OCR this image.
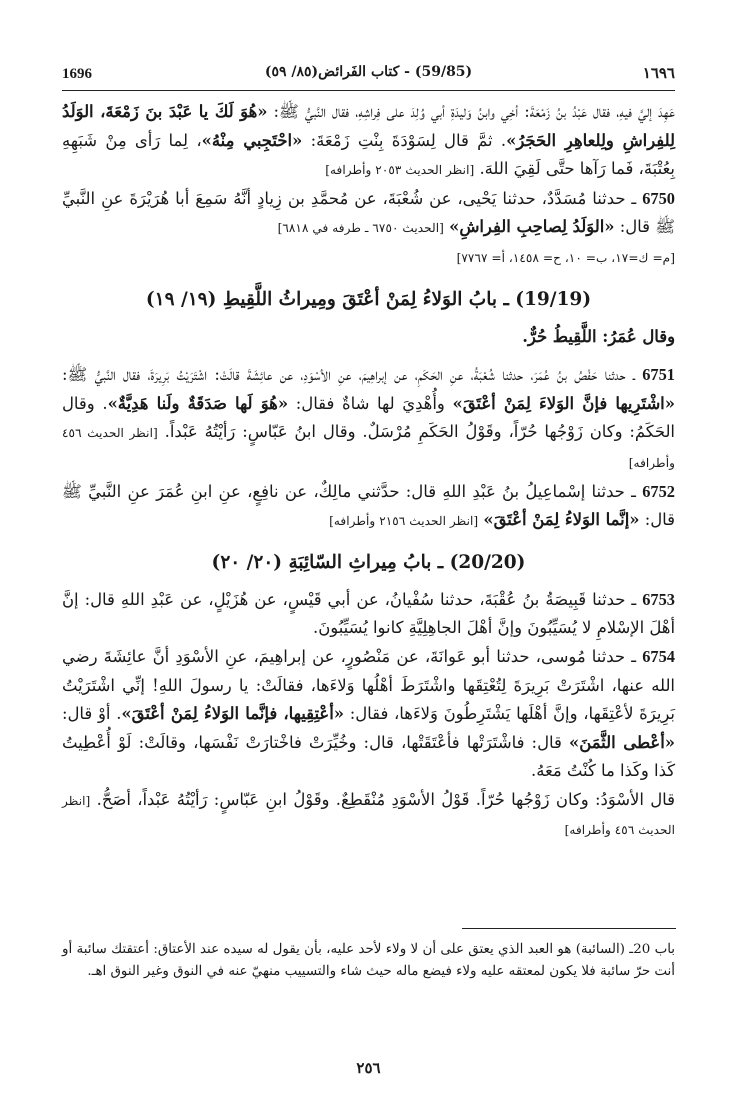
1696	(59/85) - كتاب الفَرائض(٨٥/ ٥٩)	١٦٩٦

عَهِدَ إليَّ فيهِ، فقال عَبْدُ بنُ زَمْعَةَ: أخِي وابنُ وَليدَةِ أبي وُلِدَ على فِراشِهِ، فقال النَّبيُّ ﷺ: «هُوَ لَكَ يا عَبْدَ بنَ زَمْعَةَ، الوَلَدُ لِلفِراشِ ولِلعاهِرِ الحَجَرُ». ثمَّ قال لِسَوْدَةَ بِنْتِ زَمْعَةَ: «احْتَجِبي مِنْهُ»، لِما رَأى مِنْ شَبَهِهِ بِعُتْبَةَ، فَما رَآها حتَّى لَقِيَ اللهَ. [انظر الحديث ٢٠٥٣ وأطرافه]

6750 ـ حدثنا مُسَدَّدٌ، حدثنا يَحْيى، عن شُعْبَةَ، عن مُحمَّدِ بن زِيادٍ أنَّهُ سَمِعَ أبا هُرَيْرَةَ عنِ النَّبيِّ ﷺ قال: «الوَلَدُ لِصاحِبِ الفِراشِ» [الحديث ٦٧٥٠ ـ طرفه في ٦٨١٨]
[م= ك=١٧، ب= ١٠، ح= ١٤٥٨، أ= ٧٧٦٧]

(19/19) ـ بابُ الوَلاءُ لِمَنْ أعْتَقَ ومِيراثُ اللَّقِيطِ (١٩/ ١٩)
وقال عُمَرُ: اللَّقِيطُ حُرٌّ.

6751 ـ حدثنا حَفْصُ بنُ عُمَرَ، حدثنا شُعْبَةُ، عنِ الحَكَمِ، عن إبراهِيمَ، عنِ الأسْوَدِ، عن عائِشَةَ قالَتْ: اشْتَرَيْتُ بَرِيرَةَ، فقال النَّبيُّ ﷺ: «اشْتَرِيها فإنَّ الوَلاءَ لِمَنْ أعْتَقَ» وأُهْدِيَ لها شاةٌ فقال: «هُوَ لَها صَدَقَةٌ ولَنا هَدِيَّةٌ». وقال الحَكَمُ: وكان زَوْجُها حُرّاً، وقَوْلُ الحَكَمِ مُرْسَلٌ. وقال ابنُ عَبّاسٍ: رَأيْتُهُ عَبْداً. [انظر الحديث ٤٥٦ وأطرافه]

6752 ـ حدثنا إسْماعِيلُ بنُ عَبْدِ اللهِ قال: حدَّثني مالِكٌ، عن نافِعٍ، عنِ ابنِ عُمَرَ عنِ النَّبيِّ ﷺ قال: «إنَّما الوَلاءُ لِمَنْ أعْتَقَ» [انظر الحديث ٢١٥٦ وأطرافه]

(20/20) ـ بابُ مِيراثِ السّائِبَةِ (٢٠/ ٢٠)

6753 ـ حدثنا قَبِيصَةُ بنُ عُقْبَةَ، حدثنا سُفْيانُ، عن أبي قَيْسٍ، عن هُزَيْلٍ، عن عَبْدِ اللهِ قال: إنَّ أهْلَ الإسْلامِ لا يُسَيِّبُونَ وإنَّ أهْلَ الجاهِلِيَّةِ كانوا يُسَيِّبُونَ.

6754 ـ حدثنا مُوسى، حدثنا أبو عَوانَةَ، عن مَنْصُورٍ، عن إبراهِيمَ، عنِ الأسْوَدِ أنَّ عائِشَةَ رضي الله عنها، اشْتَرَتْ بَرِيرَةَ لِتُعْتِقَها واشْتَرَطَ أهْلُها وَلاءَها، فقالَتْ: يا رسولَ اللهِ! إنِّي اشْتَرَيْتُ بَرِيرَةَ لأعْتِقَها، وإنَّ أهْلَها يَشْتَرِطُونَ وَلاءَها، فقال: «أعْتِقِيها، فإنَّما الوَلاءُ لِمَنْ أعْتَقَ». أوْ قال: «أعْطى الثَّمَنَ» قال: فاشْتَرَتْها فأعْتَقَتْها، قال: وخُيِّرَتْ فاخْتارَتْ نَفْسَها، وقالَتْ: لَوْ أُعْطِيتُ كَذا وكَذا ما كُنْتُ مَعَهُ.

قال الأسْوَدُ: وكان زَوْجُها حُرّاً. قَوْلُ الأسْوَدِ مُنْقَطِعٌ. وقَوْلُ ابنِ عَبّاسٍ: رَأيْتُهُ عَبْداً، أصَحُّ. [انظر الحديث ٤٥٦ وأطرافه]

باب 20ـ (السائبة) هو العبد الذي يعتق على أن لا ولاء لأحد عليه، بأن يقول له سيده عند الأعتاق: أعتقتك سائبة أو أنت حرّ سائبة فلا يكون لمعتقه عليه ولاء فيضع ماله حيث شاء والتسييب منهيّ عنه في النوق وغير النوق اهـ.

٢٥٦
